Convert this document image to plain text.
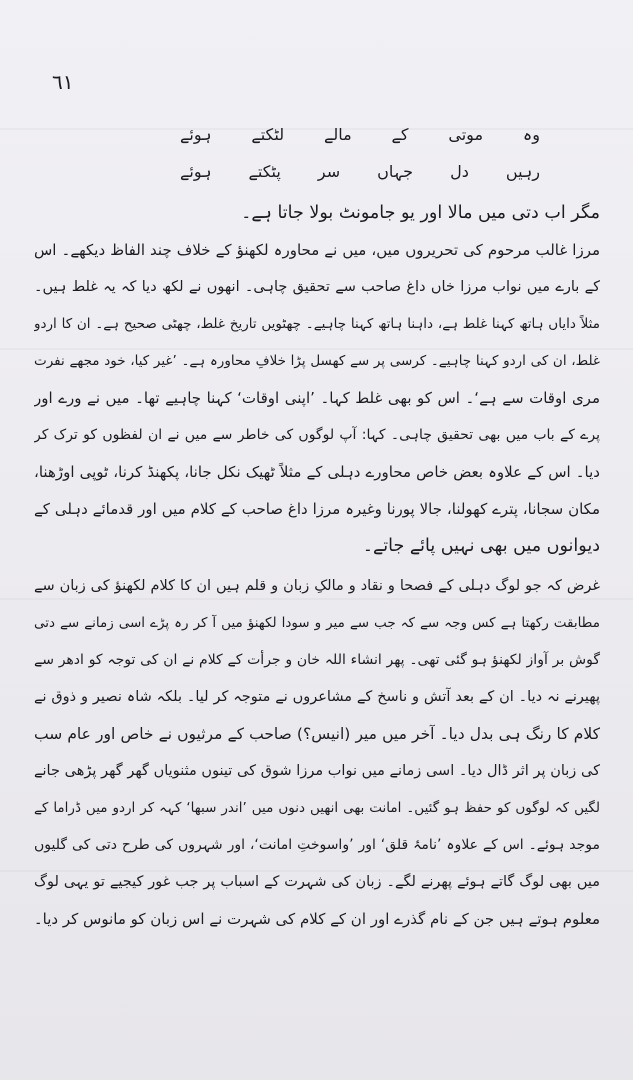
٦١
وہ موتی کے مالے لٹکتے ہوئے
رہیں دل جہاں سر پٹکتے ہوئے
مگر اب دتی میں مالا اور یو جامونٹ بولا جاتا ہے۔
مرزا غالب مرحوم کی تحریروں میں، میں نے محاورہ لکھنؤ کے خلاف چند الفاظ دیکھے۔ اس
کے بارے میں نواب مرزا خاں داغ صاحب سے تحقیق چاہی۔ انھوں نے لکھ دیا کہ یہ غلط ہیں۔
مثلاً دایاں ہاتھ کہنا غلط ہے، داہنا ہاتھ کہنا چاہیے۔ چھٹویں تاریخ غلط، چھٹی صحیح ہے۔ ان کا اردو
غلط، ان کی اردو کہنا چاہیے۔ کرسی پر سے کھسل پڑا خلافِ محاورہ ہے۔ ’غیر کیا، خود مجھے نفرت
مری اوقات سے ہے‘۔ اس کو بھی غلط کہا۔ ’اپنی اوقات‘ کہنا چاہیے تھا۔ میں نے ورے اور
پرے کے باب میں بھی تحقیق چاہی۔ کہا: آپ لوگوں کی خاطر سے میں نے ان لفظوں کو ترک کر
دیا۔ اس کے علاوہ بعض خاص محاورے دہلی کے مثلاً ٹھیک نکل جانا، پکھنڈ کرنا، ٹوپی اوڑھنا،
مکان سجانا، پترے کھولنا، جالا پورنا وغیرہ مرزا داغ صاحب کے کلام میں اور قدمائے دہلی کے
دیوانوں میں بھی نہیں پائے جاتے۔
غرض کہ جو لوگ دہلی کے فصحا و نقاد و مالکِ زبان و قلم ہیں ان کا کلام لکھنؤ کی زبان سے
مطابقت رکھتا ہے کس وجہ سے کہ جب سے میر و سودا لکھنؤ میں آ کر رہ پڑے اسی زمانے سے دتی
گوش بر آواز لکھنؤ ہو گئی تھی۔ پھر انشاء اللہ خان و جرأت کے کلام نے ان کی توجہ کو ادھر سے
پھیرنے نہ دیا۔ ان کے بعد آتش و ناسخ کے مشاعروں نے متوجہ کر لیا۔ بلکہ شاہ نصیر و ذوق نے
کلام کا رنگ ہی بدل دیا۔ آخر میں میر (انیس؟) صاحب کے مرثیوں نے خاص اور عام سب
کی زبان پر اثر ڈال دیا۔ اسی زمانے میں نواب مرزا شوق کی تینوں مثنویاں گھر گھر پڑھی جانے
لگیں کہ لوگوں کو حفظ ہو گئیں۔ امانت بھی انھیں دنوں میں ’اندر سبھا‘ کہہ کر اردو میں ڈراما کے
موجد ہوئے۔ اس کے علاوہ ’نامۂ قلق‘ اور ’واسوختِ امانت‘، اور شہروں کی طرح دتی کی گلیوں
میں بھی لوگ گاتے ہوئے پھرنے لگے۔ زبان کی شہرت کے اسباب پر جب غور کیجیے تو یہی لوگ
معلوم ہوتے ہیں جن کے نام گذرے اور ان کے کلام کی شہرت نے اس زبان کو مانوس کر دیا۔
